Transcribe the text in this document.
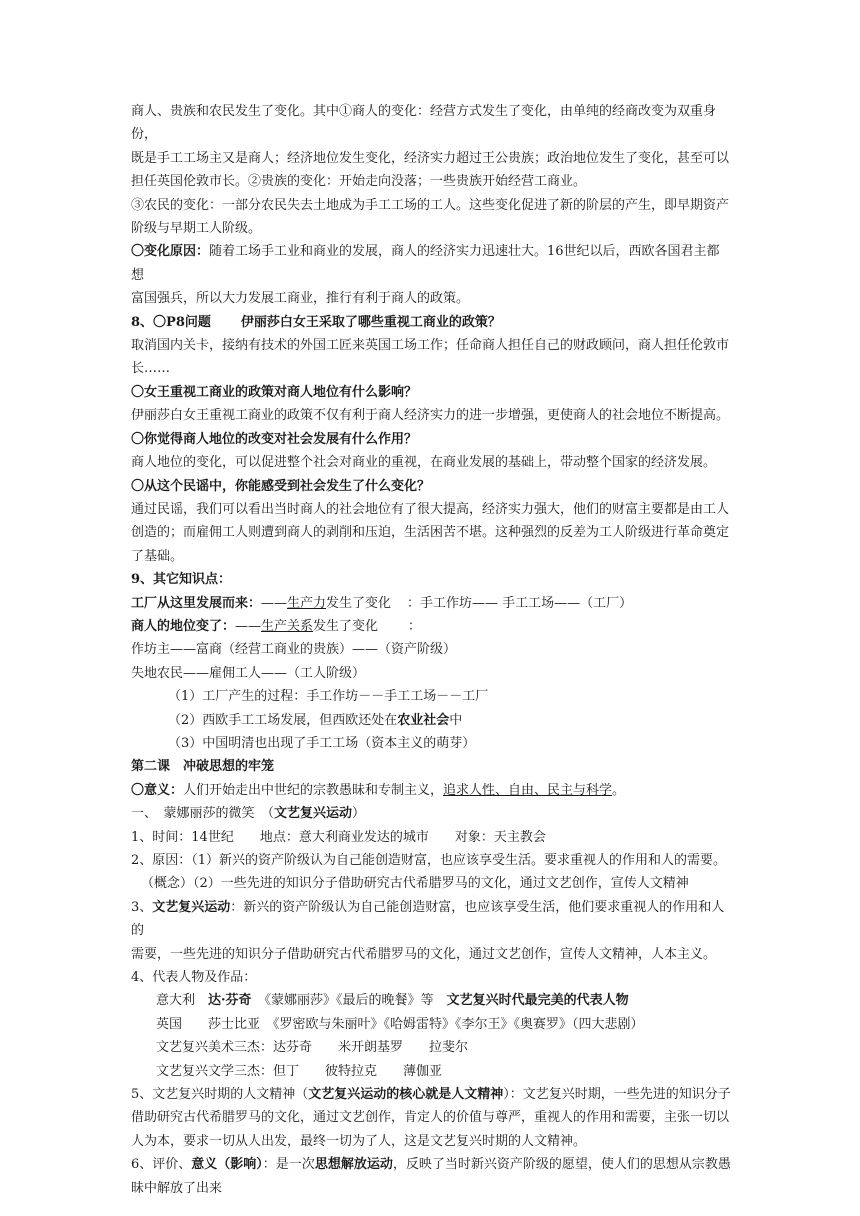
商人、贵族和农民发生了变化。其中①商人的变化：经营方式发生了变化，由单纯的经商改变为双重身份，

既是手工工场主又是商人；经济地位发生变化，经济实力超过王公贵族；政治地位发生了变化，甚至可以

担任英国伦敦市长。②贵族的变化：开始走向没落；一些贵族开始经营工商业。

③农民的变化：一部分农民失去土地成为手工工场的工人。这些变化促进了新的阶层的产生，即早期资产

阶级与早期工人阶级。

〇变化原因：随着工场手工业和商业的发展，商人的经济实力迅速壮大。16世纪以后，西欧各国君主都想

富国强兵，所以大力发展工商业，推行有利于商人的政策。

8、〇P8问题 伊丽莎白女王采取了哪些重视工商业的政策？

取消国内关卡，接纳有技术的外国工匠来英国工场工作；任命商人担任自己的财政顾问，商人担任伦敦市

长……

〇女王重视工商业的政策对商人地位有什么影响？

伊丽莎白女王重视工商业的政策不仅有利于商人经济实力的进一步增强，更使商人的社会地位不断提高。

〇你觉得商人地位的改变对社会发展有什么作用？

商人地位的变化，可以促进整个社会对商业的重视，在商业发展的基础上，带动整个国家的经济发展。

〇从这个民谣中，你能感受到社会发生了什么变化？

通过民谣，我们可以看出当时商人的社会地位有了很大提高，经济实力强大，他们的财富主要都是由工人

创造的；而雇佣工人则遭到商人的剥削和压迫，生活困苦不堪。这种强烈的反差为工人阶级进行革命奠定

了基础。

9、其它知识点：

工厂从这里发展而来：——生产力发生了变化 ：手工作坊—— 手工工场——（工厂）

商人的地位变了：——生产关系发生了变化 ：

作坊主——富商（经营工商业的贵族）——（资产阶级）

失地农民——雇佣工人——（工人阶级）

（1）工厂产生的过程：手工作坊－－手工工场－－工厂

（2）西欧手工工场发展，但西欧还处在农业社会中

（3）中国明清也出现了手工工场（资本主义的萌芽）

第二课　冲破思想的牢笼

〇意义：人们开始走出中世纪的宗教愚昧和专制主义，追求人性、自由、民主与科学。

一、　蒙娜丽莎的微笑　（文艺复兴运动）

1、时间：14世纪　　地点：意大利商业发达的城市　　对象：天主教会

2、原因：（1）新兴的资产阶级认为自己能创造财富，也应该享受生活。要求重视人的作用和人的需要。

（概念）（2）一些先进的知识分子借助研究古代希腊罗马的文化，通过文艺创作，宣传人文精神

3、文艺复兴运动：新兴的资产阶级认为自己能创造财富，也应该享受生活，他们要求重视人的作用和人的

需要，一些先进的知识分子借助研究古代希腊罗马的文化，通过文艺创作，宣传人文精神，人本主义。

4、代表人物及作品：

意大利　达·芬奇　《蒙娜丽莎》《最后的晚餐》等　文艺复兴时代最完美的代表人物

英国　　莎士比亚　《罗密欧与朱丽叶》《哈姆雷特》《李尔王》《奥赛罗》（四大悲剧）

文艺复兴美术三杰：达芬奇　　米开朗基罗　　拉斐尔

文艺复兴文学三杰：但丁　　彼特拉克　　薄伽亚

5、文艺复兴时期的人文精神（文艺复兴运动的核心就是人文精神）：文艺复兴时期，一些先进的知识分子

借助研究古代希腊罗马的文化，通过文艺创作，肯定人的价值与尊严，重视人的作用和需要，主张一切以

人为本，要求一切从人出发，最终一切为了人，这是文艺复兴时期的人文精神。

6、评价、意义（影响）：是一次思想解放运动，反映了当时新兴资产阶级的愿望，使人们的思想从宗教愚

昧中解放了出来
